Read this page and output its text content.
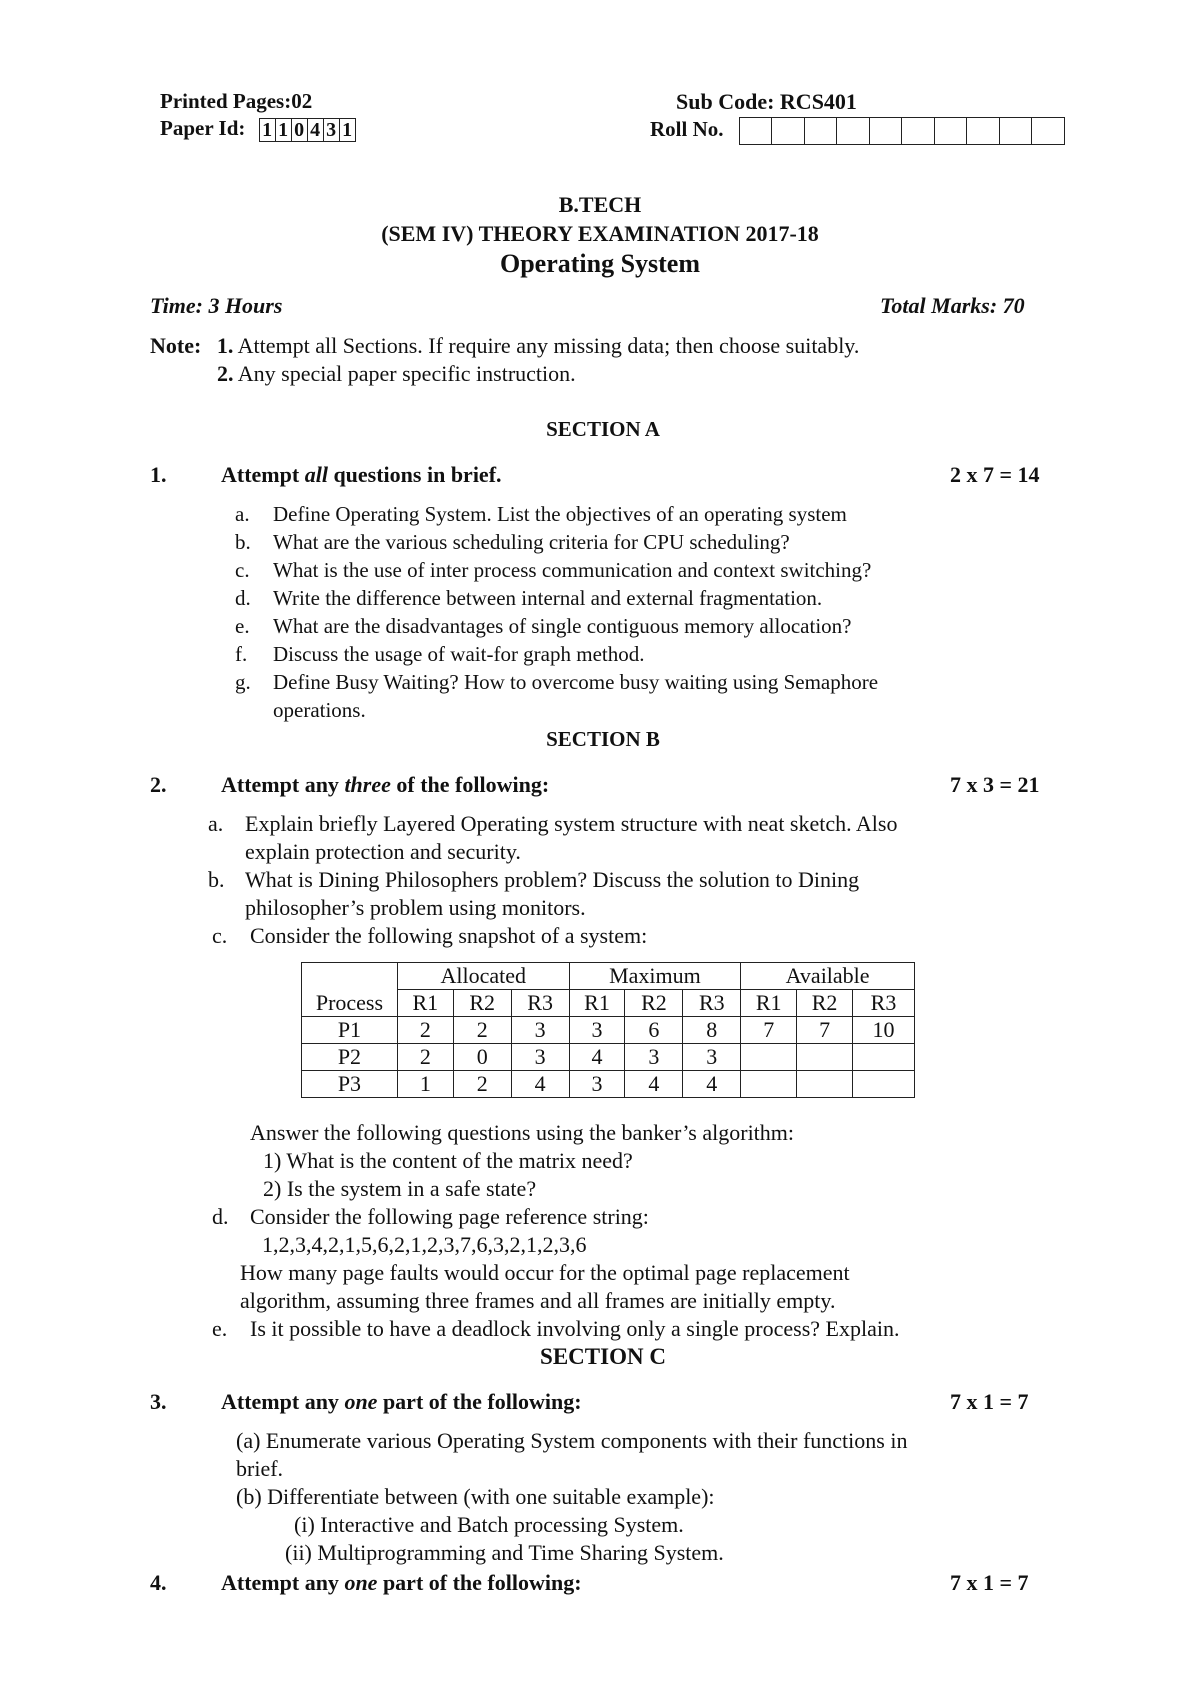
Printed Pages:02
Paper Id: 1 1 0 4 3 1
Sub Code: RCS401
Roll No.
B.TECH
(SEM IV) THEORY EXAMINATION 2017-18
Operating System
Time: 3 Hours	Total Marks: 70
Note: 1. Attempt all Sections. If require any missing data; then choose suitably.
2. Any special paper specific instruction.
SECTION A
1. Attempt all questions in brief.	2 x 7 = 14
a. Define Operating System. List the objectives of an operating system
b. What are the various scheduling criteria for CPU scheduling?
c. What is the use of inter process communication and context switching?
d. Write the difference between internal and external fragmentation.
e. What are the disadvantages of single contiguous memory allocation?
f. Discuss the usage of wait-for graph method.
g. Define Busy Waiting? How to overcome busy waiting using Semaphore
operations.
SECTION B
2. Attempt any three of the following:	7 x 3 = 21
a. Explain briefly Layered Operating system structure with neat sketch. Also
explain protection and security.
b. What is Dining Philosophers problem? Discuss the solution to Dining
philosopher’s problem using monitors.
c. Consider the following snapshot of a system:
	Allocated			Maximum			Available		
Process	R1	R2	R3	R1	R2	R3	R1	R2	R3
P1	2	2	3	3	6	8	7	7	10
P2	2	0	3	4	3	3			
P3	1	2	4	3	4	4			
Answer the following questions using the banker’s algorithm:
1) What is the content of the matrix need?
2) Is the system in a safe state?
d. Consider the following page reference string:
1,2,3,4,2,1,5,6,2,1,2,3,7,6,3,2,1,2,3,6
How many page faults would occur for the optimal page replacement
algorithm, assuming three frames and all frames are initially empty.
e. Is it possible to have a deadlock involving only a single process? Explain.
SECTION C
3. Attempt any one part of the following:	7 x 1 = 7
(a) Enumerate various Operating System components with their functions in
brief.
(b) Differentiate between (with one suitable example):
(i) Interactive and Batch processing System.
(ii) Multiprogramming and Time Sharing System.
4. Attempt any one part of the following:	7 x 1 = 7
